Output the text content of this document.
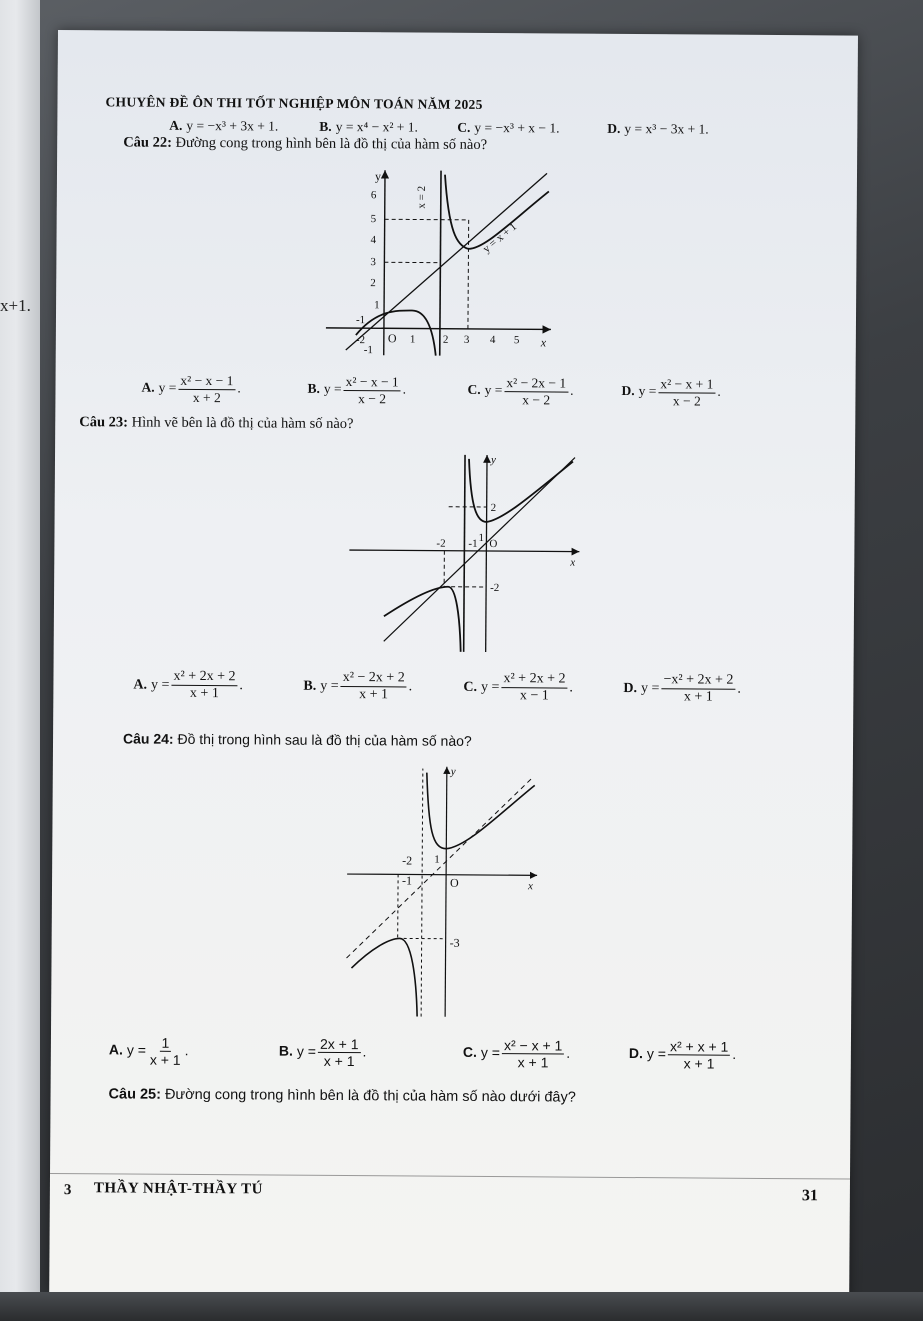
x+1.
CHUYÊN ĐỀ ÔN THI TỐT NGHIỆP MÔN TOÁN NĂM 2025
A. y = −x³ + 3x + 1.	B. y = x⁴ − x² + 1.	C. y = −x³ + x − 1.	D. y = x³ − 3x + 1.
Câu 22: Đường cong trong hình bên là đồ thị của hàm số nào?
y
x
O
-2	1 2 3 4 5
6
5
4
3
2
1
-1
-1
y = x + 1
x = 2
A. $y = \frac{\text{x² − x − 1}}{x + 2}$ .	B. $y = \frac{\text{x² − x − 1}}{x - 2}$ .	C. $y = \frac{\text{x² − 2x − 1}}{x - 2}$ .	D. $y = \frac{\text{x² − x + 1}}{x - 2}$ .
Câu 23: Hình vẽ bên là đồ thị của hàm số nào?
y
x
O
2
-2
-1
-2	1
A. $y = \frac{\text{x² + 2x + 2}}{x + 1}$ .	B. $y = \frac{\text{x² − 2x + 2}}{x + 1}$ .	C. $y = \frac{\text{x² + 2x + 2}}{x - 1}$ .	D. $y = \frac{\text{−x² + 2x + 2}}{x + 1}$ .
Câu 24: Đồ thị trong hình sau là đồ thị của hàm số nào?
y
x
O
-2 1
-1
-3
A. $y = \frac{1}{x + 1}$ .	B. $y = \frac{2x + 1}{x + 1}$ .	C. $y = \frac{\text{x² − x + 1}}{x + 1}$ .	D. $y = \frac{\text{x² + x + 1}}{x + 1}$ .
Câu 25: Đường cong trong hình bên là đồ thị của hàm số nào dưới đây?
3 THẦY NHẬT-THẦY TÚ	31
